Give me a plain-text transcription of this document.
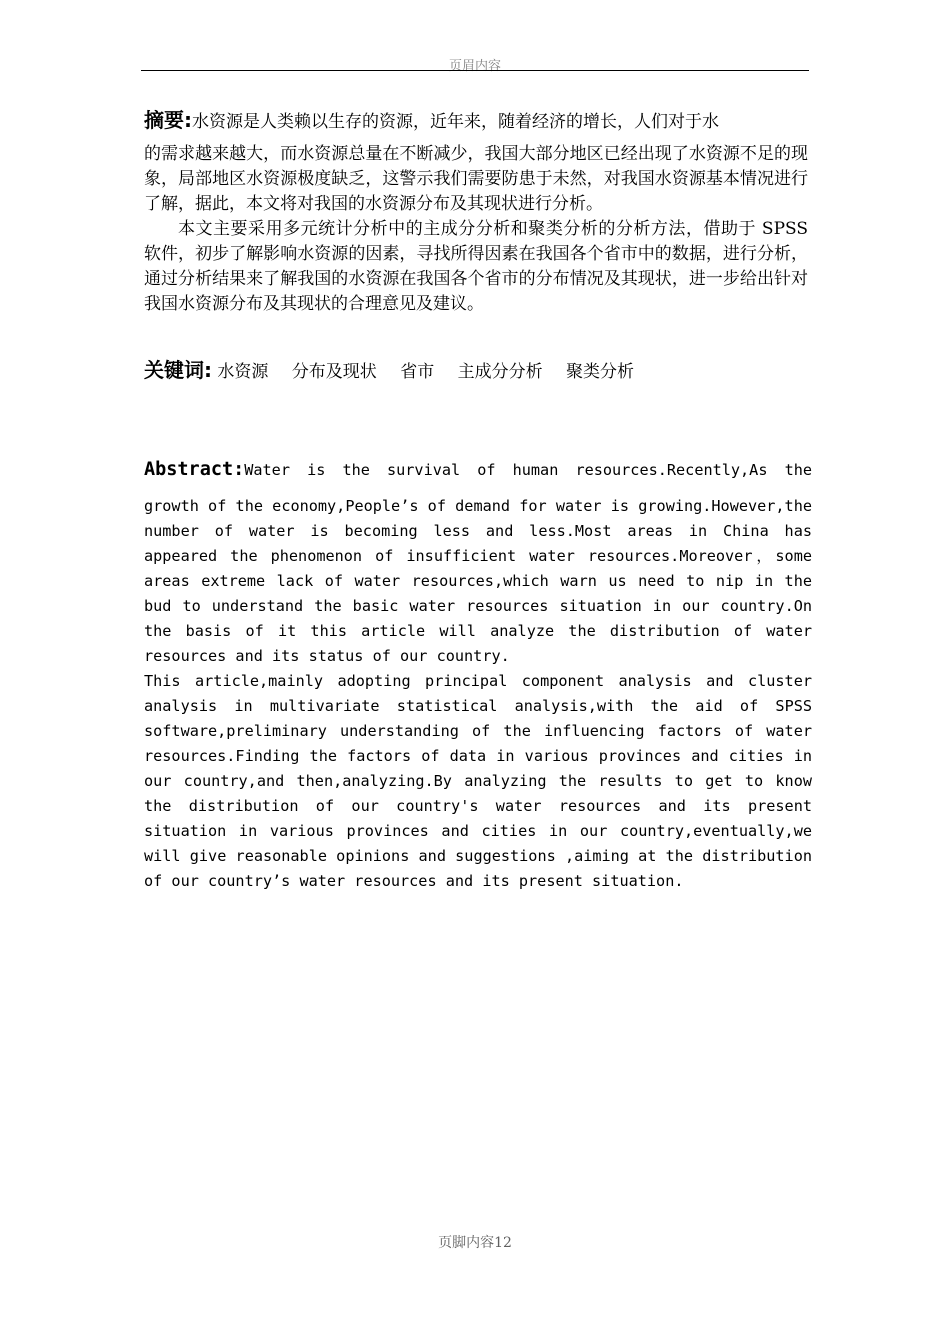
页眉内容
摘要:水资源是人类赖以生存的资源，近年来，随着经济的增长，人们对于水
的需求越来越大，而水资源总量在不断减少，我国大部分地区已经出现了水资源不足的现象，局部地区水资源极度缺乏，这警示我们需要防患于未然，对我国水资源基本情况进行了解，据此，本文将对我国的水资源分布及其现状进行分析。
本文主要采用多元统计分析中的主成分分析和聚类分析的分析方法，借助于 SPSS 软件，初步了解影响水资源的因素，寻找所得因素在我国各个省市中的数据，进行分析，通过分析结果来了解我国的水资源在我国各个省市的分布情况及其现状，进一步给出针对我国水资源分布及其现状的合理意见及建议。
关键词: 水资源 分布及现状 省市 主成分分析 聚类分析
Abstract:Water is the survival of human resources.Recently,As the

growth of the economy,People’s of demand for water is growing.However,the number of water is becoming less and less.Most areas in China has appeared the phenomenon of insufficient water resources.Moreover，some areas extreme lack of water resources,which warn us need to nip in the bud to understand the basic water resources situation in our country.On the basis of it this article will analyze the distribution of water resources and its status of our country.

This article,mainly adopting principal component analysis and cluster analysis in multivariate statistical analysis,with the aid of SPSS software,preliminary understanding of the influencing factors of water resources.Finding the factors of data in various provinces and cities in our country,and then,analyzing.By analyzing the results to get to know the distribution of our country's water resources and its present situation in various provinces and cities in our country,eventually,we will give reasonable opinions and suggestions ,aiming at the distribution of our country’s water resources and its present situation.

页脚内容12
